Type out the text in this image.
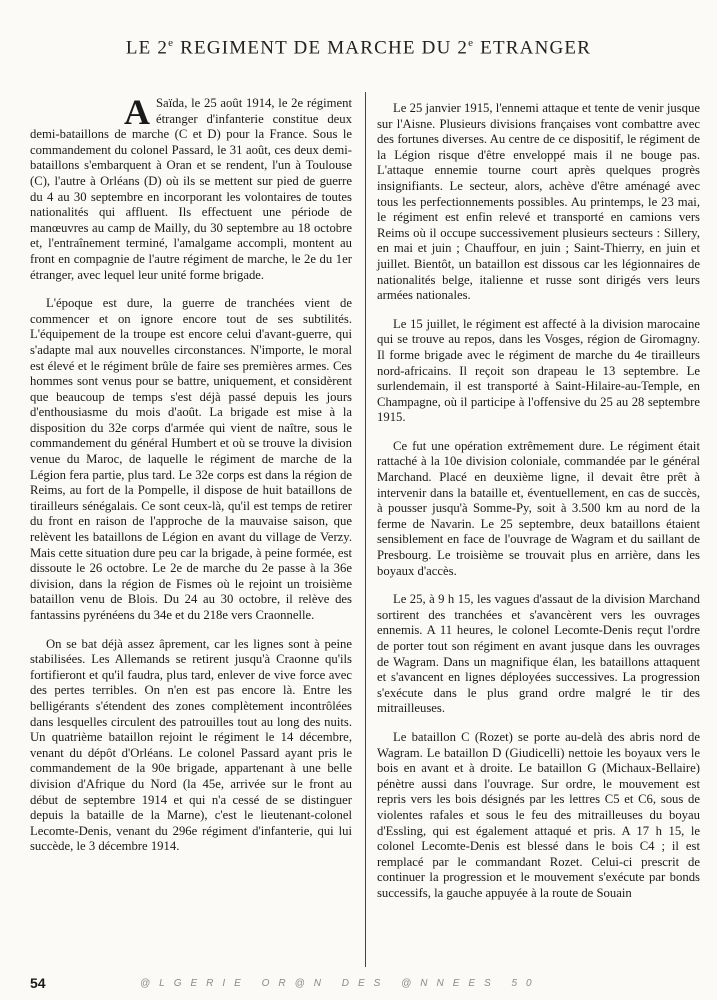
LE 2e REGIMENT DE MARCHE DU 2e ETRANGER

A Saïda, le 25 août 1914, le 2e régiment étranger d'infanterie constitue deux demi-bataillons de marche (C et D) pour la France. Sous le commandement du colonel Passard, le 31 août, ces deux demi-bataillons s'embarquent à Oran et se rendent, l'un à Toulouse (C), l'autre à Orléans (D) où ils se mettent sur pied de guerre du 4 au 30 septembre en incorporant les volontaires de toutes nationalités qui affluent. Ils effectuent une période de manœuvres au camp de Mailly, du 30 septembre au 18 octobre et, l'entraînement terminé, l'amalgame accompli, montent au front en compagnie de l'autre régiment de marche, le 2e du 1er étranger, avec lequel leur unité forme brigade.

L'époque est dure, la guerre de tranchées vient de commencer et on ignore encore tout de ses subtilités. L'équipement de la troupe est encore celui d'avant-guerre, qui s'adapte mal aux nouvelles circonstances. N'importe, le moral est élevé et le régiment brûle de faire ses premières armes. Ces hommes sont venus pour se battre, uniquement, et considèrent que beaucoup de temps s'est déjà passé depuis les jours d'enthousiasme du mois d'août. La brigade est mise à la disposition du 32e corps d'armée qui vient de naître, sous le commandement du général Humbert et où se trouve la division venue du Maroc, de laquelle le régiment de marche de la Légion fera partie, plus tard. Le 32e corps est dans la région de Reims, au fort de la Pompelle, il dispose de huit bataillons de tirailleurs sénégalais. Ce sont ceux-là, qu'il est temps de retirer du front en raison de l'approche de la mauvaise saison, que relèvent les bataillons de Légion en avant du village de Verzy. Mais cette situation dure peu car la brigade, à peine formée, est dissoute le 26 octobre. Le 2e de marche du 2e passe à la 36e division, dans la région de Fismes où le rejoint un troisième bataillon venu de Blois. Du 24 au 30 octobre, il relève des fantassins pyrénéens du 34e et du 218e vers Craonnelle.

On se bat déjà assez âprement, car les lignes sont à peine stabilisées. Les Allemands se retirent jusqu'à Craonne qu'ils fortifieront et qu'il faudra, plus tard, enlever de vive force avec des pertes terribles. On n'en est pas encore là. Entre les belligérants s'étendent des zones complètement incontrôlées dans lesquelles circulent des patrouilles tout au long des nuits. Un quatrième bataillon rejoint le régiment le 14 décembre, venant du dépôt d'Orléans. Le colonel Passard ayant pris le commandement de la 90e brigade, appartenant à une belle division d'Afrique du Nord (la 45e, arrivée sur le front au début de septembre 1914 et qui n'a cessé de se distinguer depuis la bataille de la Marne), c'est le lieutenant-colonel Lecomte-Denis, venant du 296e régiment d'infanterie, qui lui succède, le 3 décembre 1914.

Le 25 janvier 1915, l'ennemi attaque et tente de venir jusque sur l'Aisne. Plusieurs divisions françaises vont combattre avec des fortunes diverses. Au centre de ce dispositif, le régiment de la Légion risque d'être enveloppé mais il ne bouge pas. L'attaque ennemie tourne court après quelques progrès insignifiants. Le secteur, alors, achève d'être aménagé avec tous les perfectionnements possibles. Au printemps, le 23 mai, le régiment est enfin relevé et transporté en camions vers Reims où il occupe successivement plusieurs secteurs : Sillery, en mai et juin ; Chauffour, en juin ; Saint-Thierry, en juin et juillet. Bientôt, un bataillon est dissous car les légionnaires de nationalités belge, italienne et russe sont dirigés vers leurs armées nationales.

Le 15 juillet, le régiment est affecté à la division marocaine qui se trouve au repos, dans les Vosges, région de Giromagny. Il forme brigade avec le régiment de marche du 4e tirailleurs nord-africains. Il reçoit son drapeau le 13 septembre. Le surlendemain, il est transporté à Saint-Hilaire-au-Temple, en Champagne, où il participe à l'offensive du 25 au 28 septembre 1915.

Ce fut une opération extrêmement dure. Le régiment était rattaché à la 10e division coloniale, commandée par le général Marchand. Placé en deuxième ligne, il devait être prêt à intervenir dans la bataille et, éventuellement, en cas de succès, à pousser jusqu'à Somme-Py, soit à 3.500 km au nord de la ferme de Navarin. Le 25 septembre, deux bataillons étaient sensiblement en face de l'ouvrage de Wagram et du saillant de Presbourg. Le troisième se trouvait plus en arrière, dans les boyaux d'accès.

Le 25, à 9 h 15, les vagues d'assaut de la division Marchand sortirent des tranchées et s'avancèrent vers les ouvrages ennemis. A 11 heures, le colonel Lecomte-Denis reçut l'ordre de porter tout son régiment en avant jusque dans les ouvrages de Wagram. Dans un magnifique élan, les bataillons attaquent et s'avancent en lignes déployées successives. La progression s'exécute dans le plus grand ordre malgré le tir des mitrailleuses.

Le bataillon C (Rozet) se porte au-delà des abris nord de Wagram. Le bataillon D (Giudicelli) nettoie les boyaux vers le bois en avant et à droite. Le bataillon G (Michaux-Bellaire) pénètre aussi dans l'ouvrage. Sur ordre, le mouvement est repris vers les bois désignés par les lettres C5 et C6, sous de violentes rafales et sous le feu des mitrailleuses du boyau d'Essling, qui est également attaqué et pris. A 17 h 15, le colonel Lecomte-Denis est blessé dans le bois C4 ; il est remplacé par le commandant Rozet. Celui-ci prescrit de continuer la progression et le mouvement s'exécute par bonds successifs, la gauche appuyée à la route de Souain

54	@LGERIE OR@N DES @NNEES 50
